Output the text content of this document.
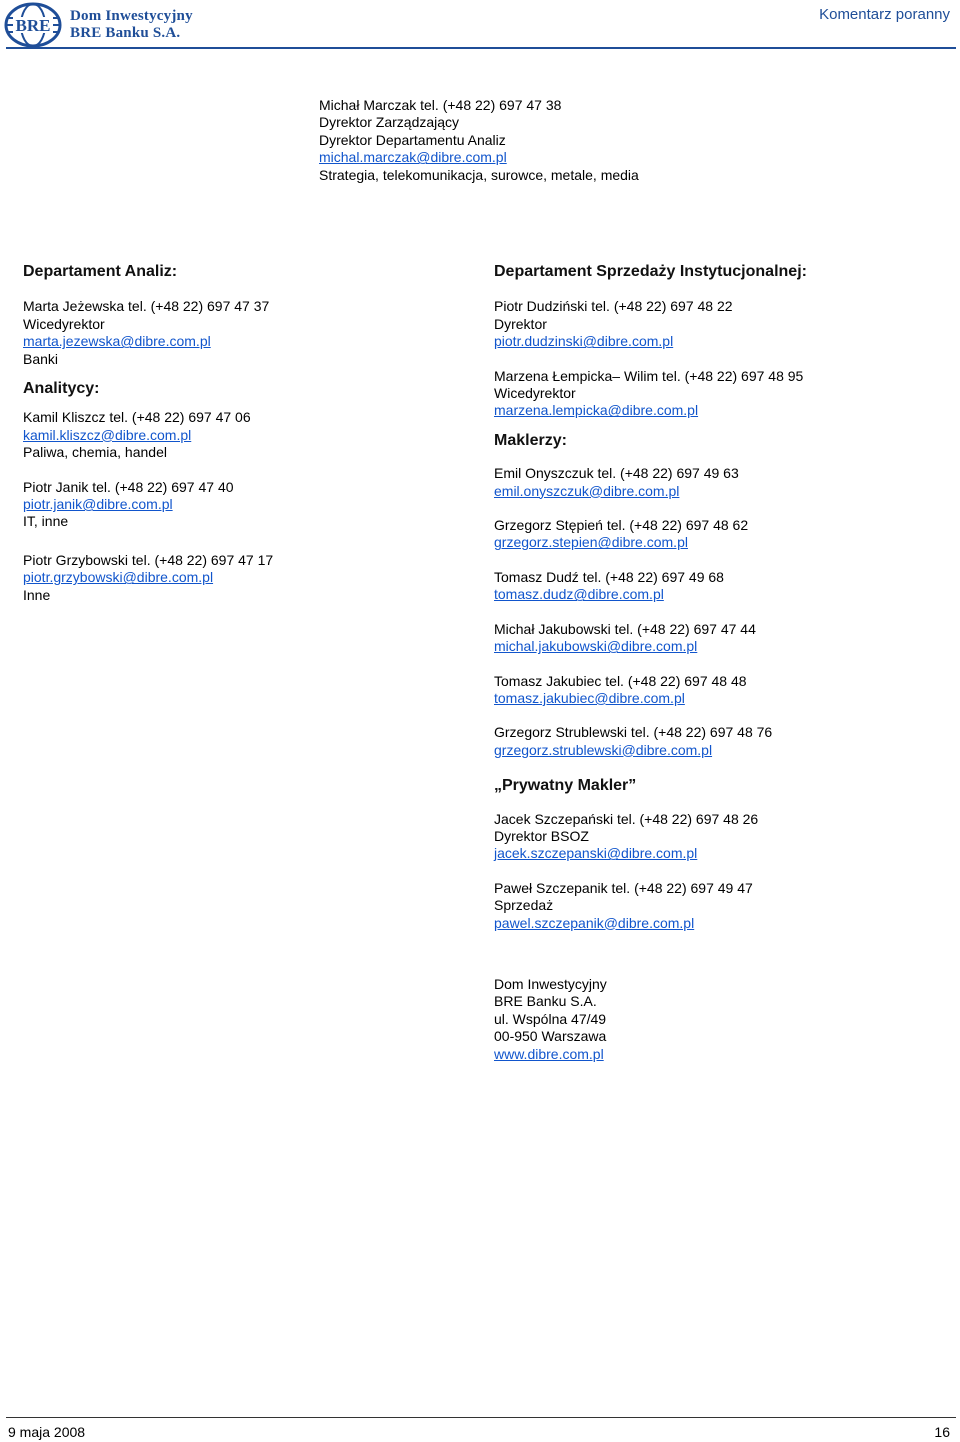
BRE Dom Inwestycyjny
BRE Banku S.A.
Komentarz poranny
Michał Marczak tel. (+48 22) 697 47 38
Dyrektor Zarządzający
Dyrektor Departamentu Analiz
michal.marczak@dibre.com.pl
Strategia, telekomunikacja, surowce, metale, media
Departament Analiz:
Marta Jeżewska tel. (+48 22) 697 47 37
Wicedyrektor
marta.jezewska@dibre.com.pl
Banki
Analitycy:
Kamil Kliszcz tel. (+48 22) 697 47 06
kamil.kliszcz@dibre.com.pl
Paliwa, chemia, handel
Piotr Janik tel. (+48 22) 697 47 40
piotr.janik@dibre.com.pl
IT, inne
Piotr Grzybowski tel. (+48 22) 697 47 17
piotr.grzybowski@dibre.com.pl
Inne
Departament Sprzedaży Instytucjonalnej:
Piotr Dudziński tel. (+48 22) 697 48 22
Dyrektor
piotr.dudzinski@dibre.com.pl
Marzena Łempicka– Wilim tel. (+48 22) 697 48 95
Wicedyrektor
marzena.lempicka@dibre.com.pl
Maklerzy:
Emil Onyszczuk tel. (+48 22) 697 49 63
emil.onyszczuk@dibre.com.pl
Grzegorz Stępień tel. (+48 22) 697 48 62
grzegorz.stepien@dibre.com.pl
Tomasz Dudź tel. (+48 22) 697 49 68
tomasz.dudz@dibre.com.pl
Michał Jakubowski tel. (+48 22) 697 47 44
michal.jakubowski@dibre.com.pl
Tomasz Jakubiec tel. (+48 22) 697 48 48
tomasz.jakubiec@dibre.com.pl
Grzegorz Strublewski tel. (+48 22) 697 48 76
grzegorz.strublewski@dibre.com.pl
„Prywatny Makler”
Jacek Szczepański tel. (+48 22) 697 48 26
Dyrektor BSOZ
jacek.szczepanski@dibre.com.pl
Paweł Szczepanik tel. (+48 22) 697 49 47
Sprzedaż
pawel.szczepanik@dibre.com.pl
Dom Inwestycyjny
BRE Banku S.A.
ul. Wspólna 47/49
00-950 Warszawa
www.dibre.com.pl
9 maja 2008	16
